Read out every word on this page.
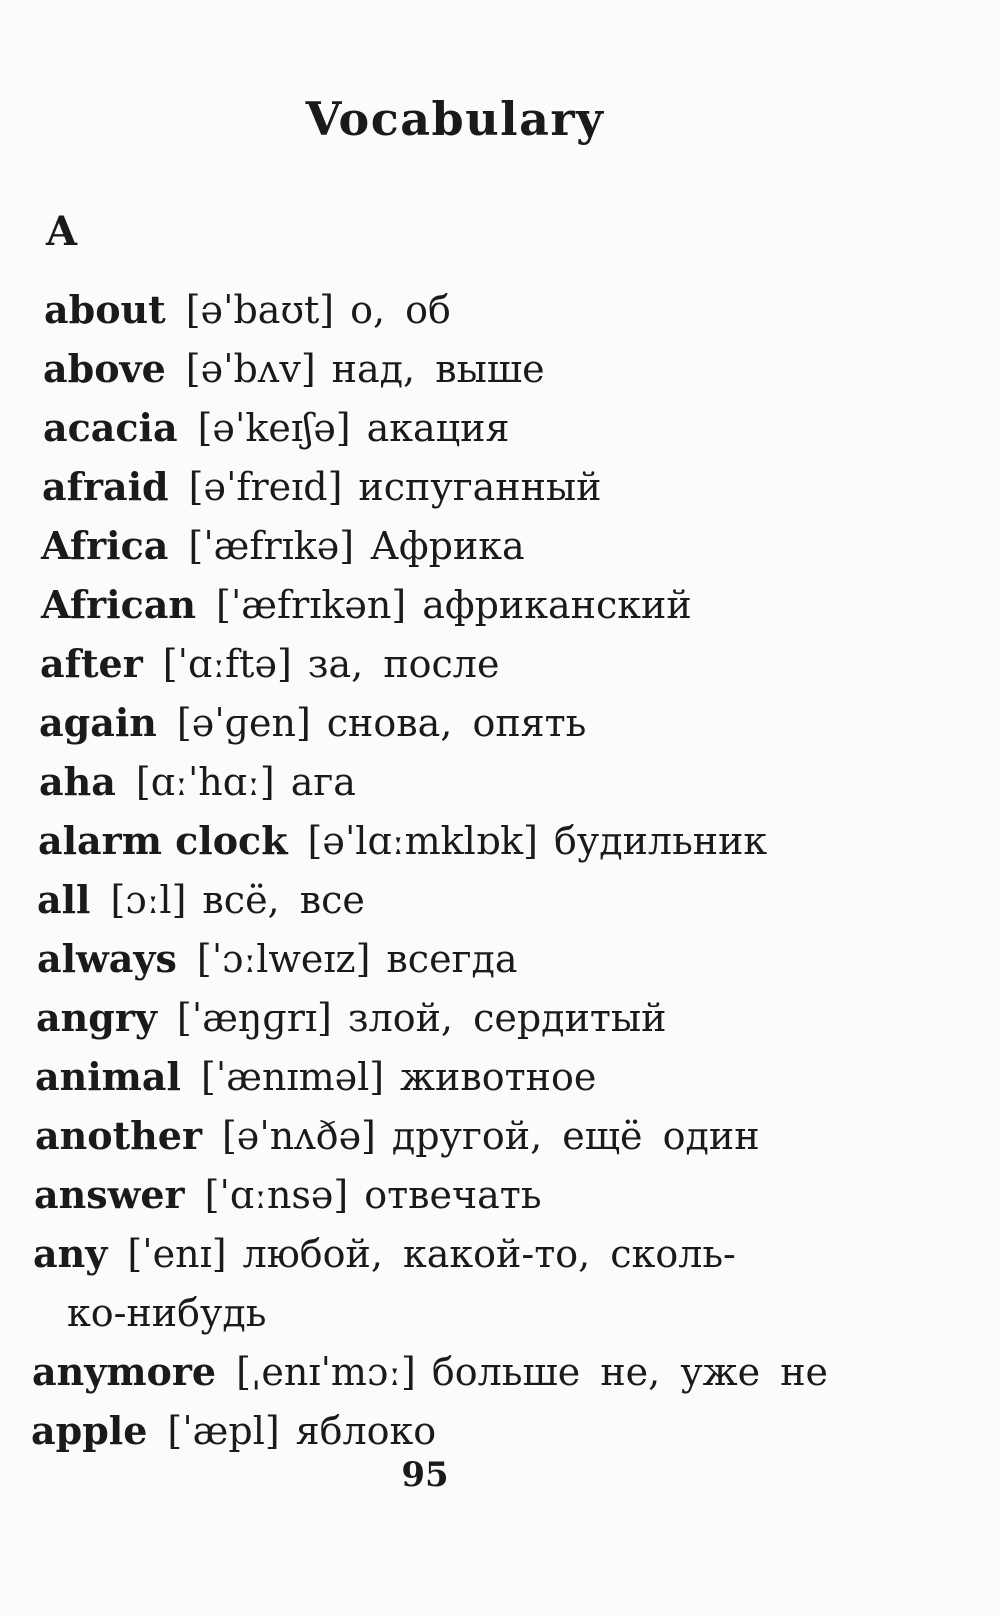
Vocabulary
A
about [əˈbaʊt] о, об
above [əˈbʌv] над, выше
acacia [əˈkeɪʃə] акация
afraid [əˈfreɪd] испуганный
Africa [ˈæfrɪkə] Африка
African [ˈæfrɪkən] африканский
after [ˈɑːftə] за, после
again [əˈɡen] снова, опять
aha [ɑːˈhɑː] ага
alarm clock [əˈlɑːmklɒk] будильник
all [ɔːl] всё, все
always [ˈɔːlweɪz] всегда
angry [ˈæŋɡrɪ] злой, сердитый
animal [ˈænɪməl] животное
another [əˈnʌðə] другой, ещё один
answer [ˈɑːnsə] отвечать
any [ˈenɪ] любой, какой-то, сколь-
ко-нибудь
anymore [ˌenɪˈmɔː] больше не, уже не
apple [ˈæpl] яблоко
95
